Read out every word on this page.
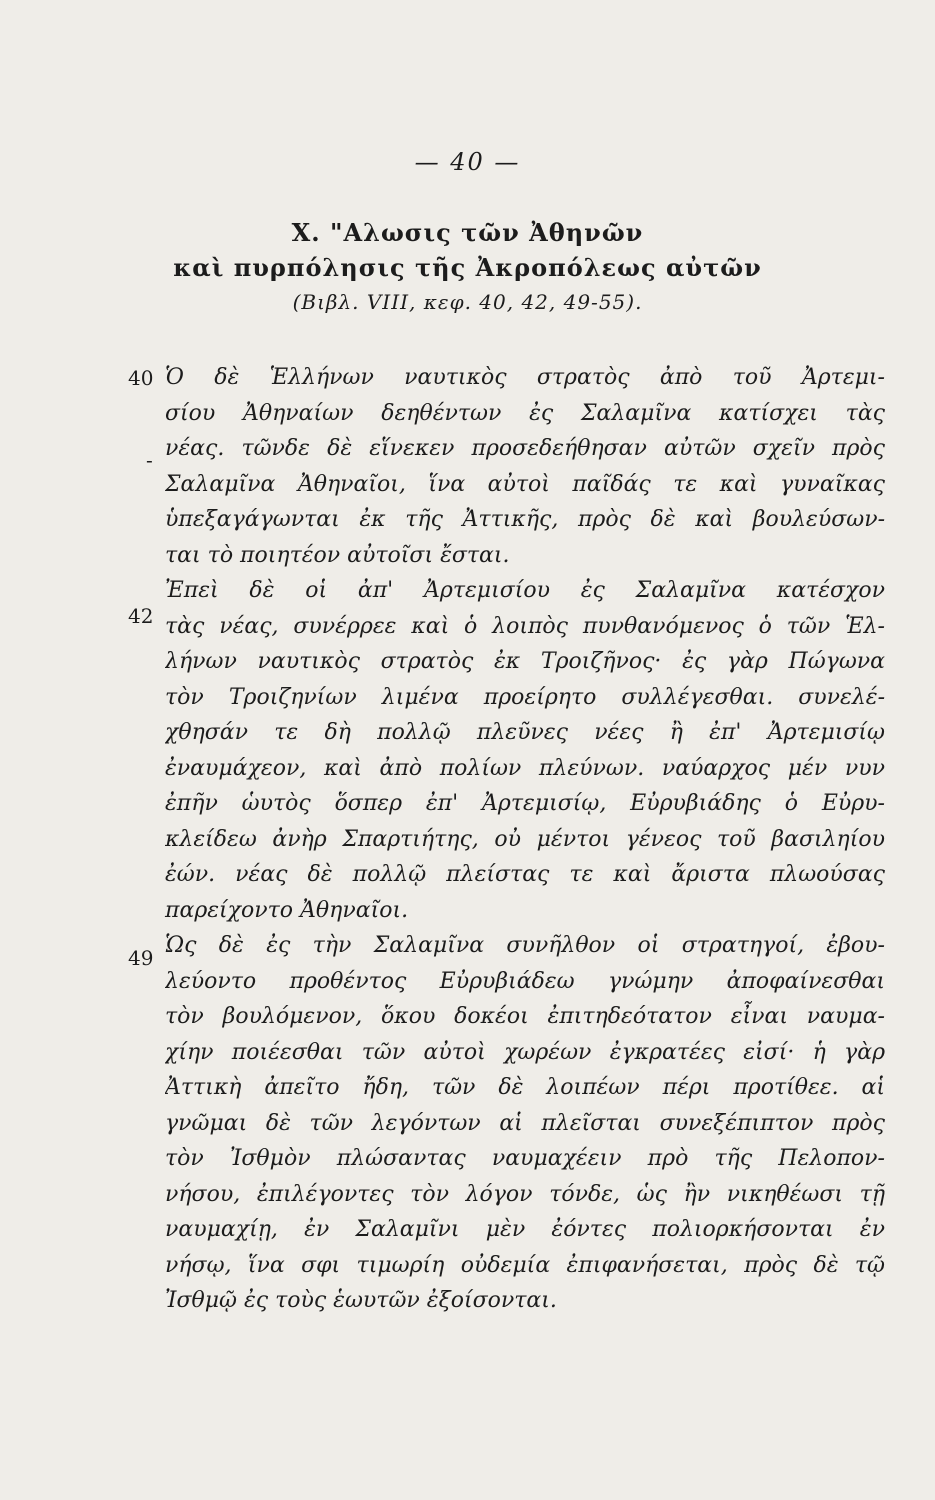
— 40 —
X. "Αλωσις τῶν Ἀθηνῶν
καὶ πυρπόλησις τῆς Ἀκροπόλεως αὐτῶν
(Βιβλ. VIII, κεφ. 40, 42, 49-55).
40
-
42
49
Ὁ δὲ Ἑλλήνων ναυτικὸς στρατὸς ἀπὸ τοῦ Ἀρτεμι-
σίου Ἀθηναίων δεηθέντων ἐς Σαλαμῖνα κατίσχει τὰς
νέας. τῶνδε δὲ εἵνεκεν προσεδεήθησαν αὐτῶν σχεῖν πρὸς
Σαλαμῖνα Ἀθηναῖοι, ἵνα αὐτοὶ παῖδάς τε καὶ γυναῖκας
ὑπεξαγάγωνται ἐκ τῆς Ἀττικῆς, πρὸς δὲ καὶ βουλεύσων-
ται τὸ ποιητέον αὐτοῖσι ἔσται.
Ἐπεὶ δὲ οἱ ἀπ' Ἀρτεμισίου ἐς Σαλαμῖνα κατέσχον
τὰς νέας, συνέρρεε καὶ ὁ λοιπὸς πυνθανόμενος ὁ τῶν Ἑλ-
λήνων ναυτικὸς στρατὸς ἐκ Τροιζῆνος· ἐς γὰρ Πώγωνα
τὸν Τροιζηνίων λιμένα προείρητο συλλέγεσθαι. συνελέ-
χθησάν τε δὴ πολλῷ πλεῦνες νέες ἢ ἐπ' Ἀρτεμισίῳ
ἐναυμάχεον, καὶ ἀπὸ πολίων πλεύνων. ναύαρχος μέν νυν
ἐπῆν ὡυτὸς ὅσπερ ἐπ' Ἀρτεμισίῳ, Εὐρυβιάδης ὁ Εὐρυ-
κλείδεω ἀνὴρ Σπαρτιήτης, οὐ μέντοι γένεος τοῦ βασιληίου
ἐών. νέας δὲ πολλῷ πλείστας τε καὶ ἄριστα πλωούσας
παρείχοντο Ἀθηναῖοι.
Ὡς δὲ ἐς τὴν Σαλαμῖνα συνῆλθον οἱ στρατηγοί, ἐβου-
λεύοντο προθέντος Εὐρυβιάδεω γνώμην ἀποφαίνεσθαι
τὸν βουλόμενον, ὅκου δοκέοι ἐπιτηδεότατον εἶναι ναυμα-
χίην ποιέεσθαι τῶν αὐτοὶ χωρέων ἐγκρατέες εἰσί· ἡ γὰρ
Ἀττικὴ ἀπεῖτο ἤδη, τῶν δὲ λοιπέων πέρι προτίθεε. αἱ
γνῶμαι δὲ τῶν λεγόντων αἱ πλεῖσται συνεξέπιπτον πρὸς
τὸν Ἰσθμὸν πλώσαντας ναυμαχέειν πρὸ τῆς Πελοπον-
νήσου, ἐπιλέγοντες τὸν λόγον τόνδε, ὡς ἢν νικηθέωσι τῇ
ναυμαχίῃ, ἐν Σαλαμῖνι μὲν ἐόντες πολιορκήσονται ἐν
νήσῳ, ἵνα σφι τιμωρίη οὐδεμία ἐπιφανήσεται, πρὸς δὲ τῷ
Ἰσθμῷ ἐς τοὺς ἑωυτῶν ἐξοίσονται.
